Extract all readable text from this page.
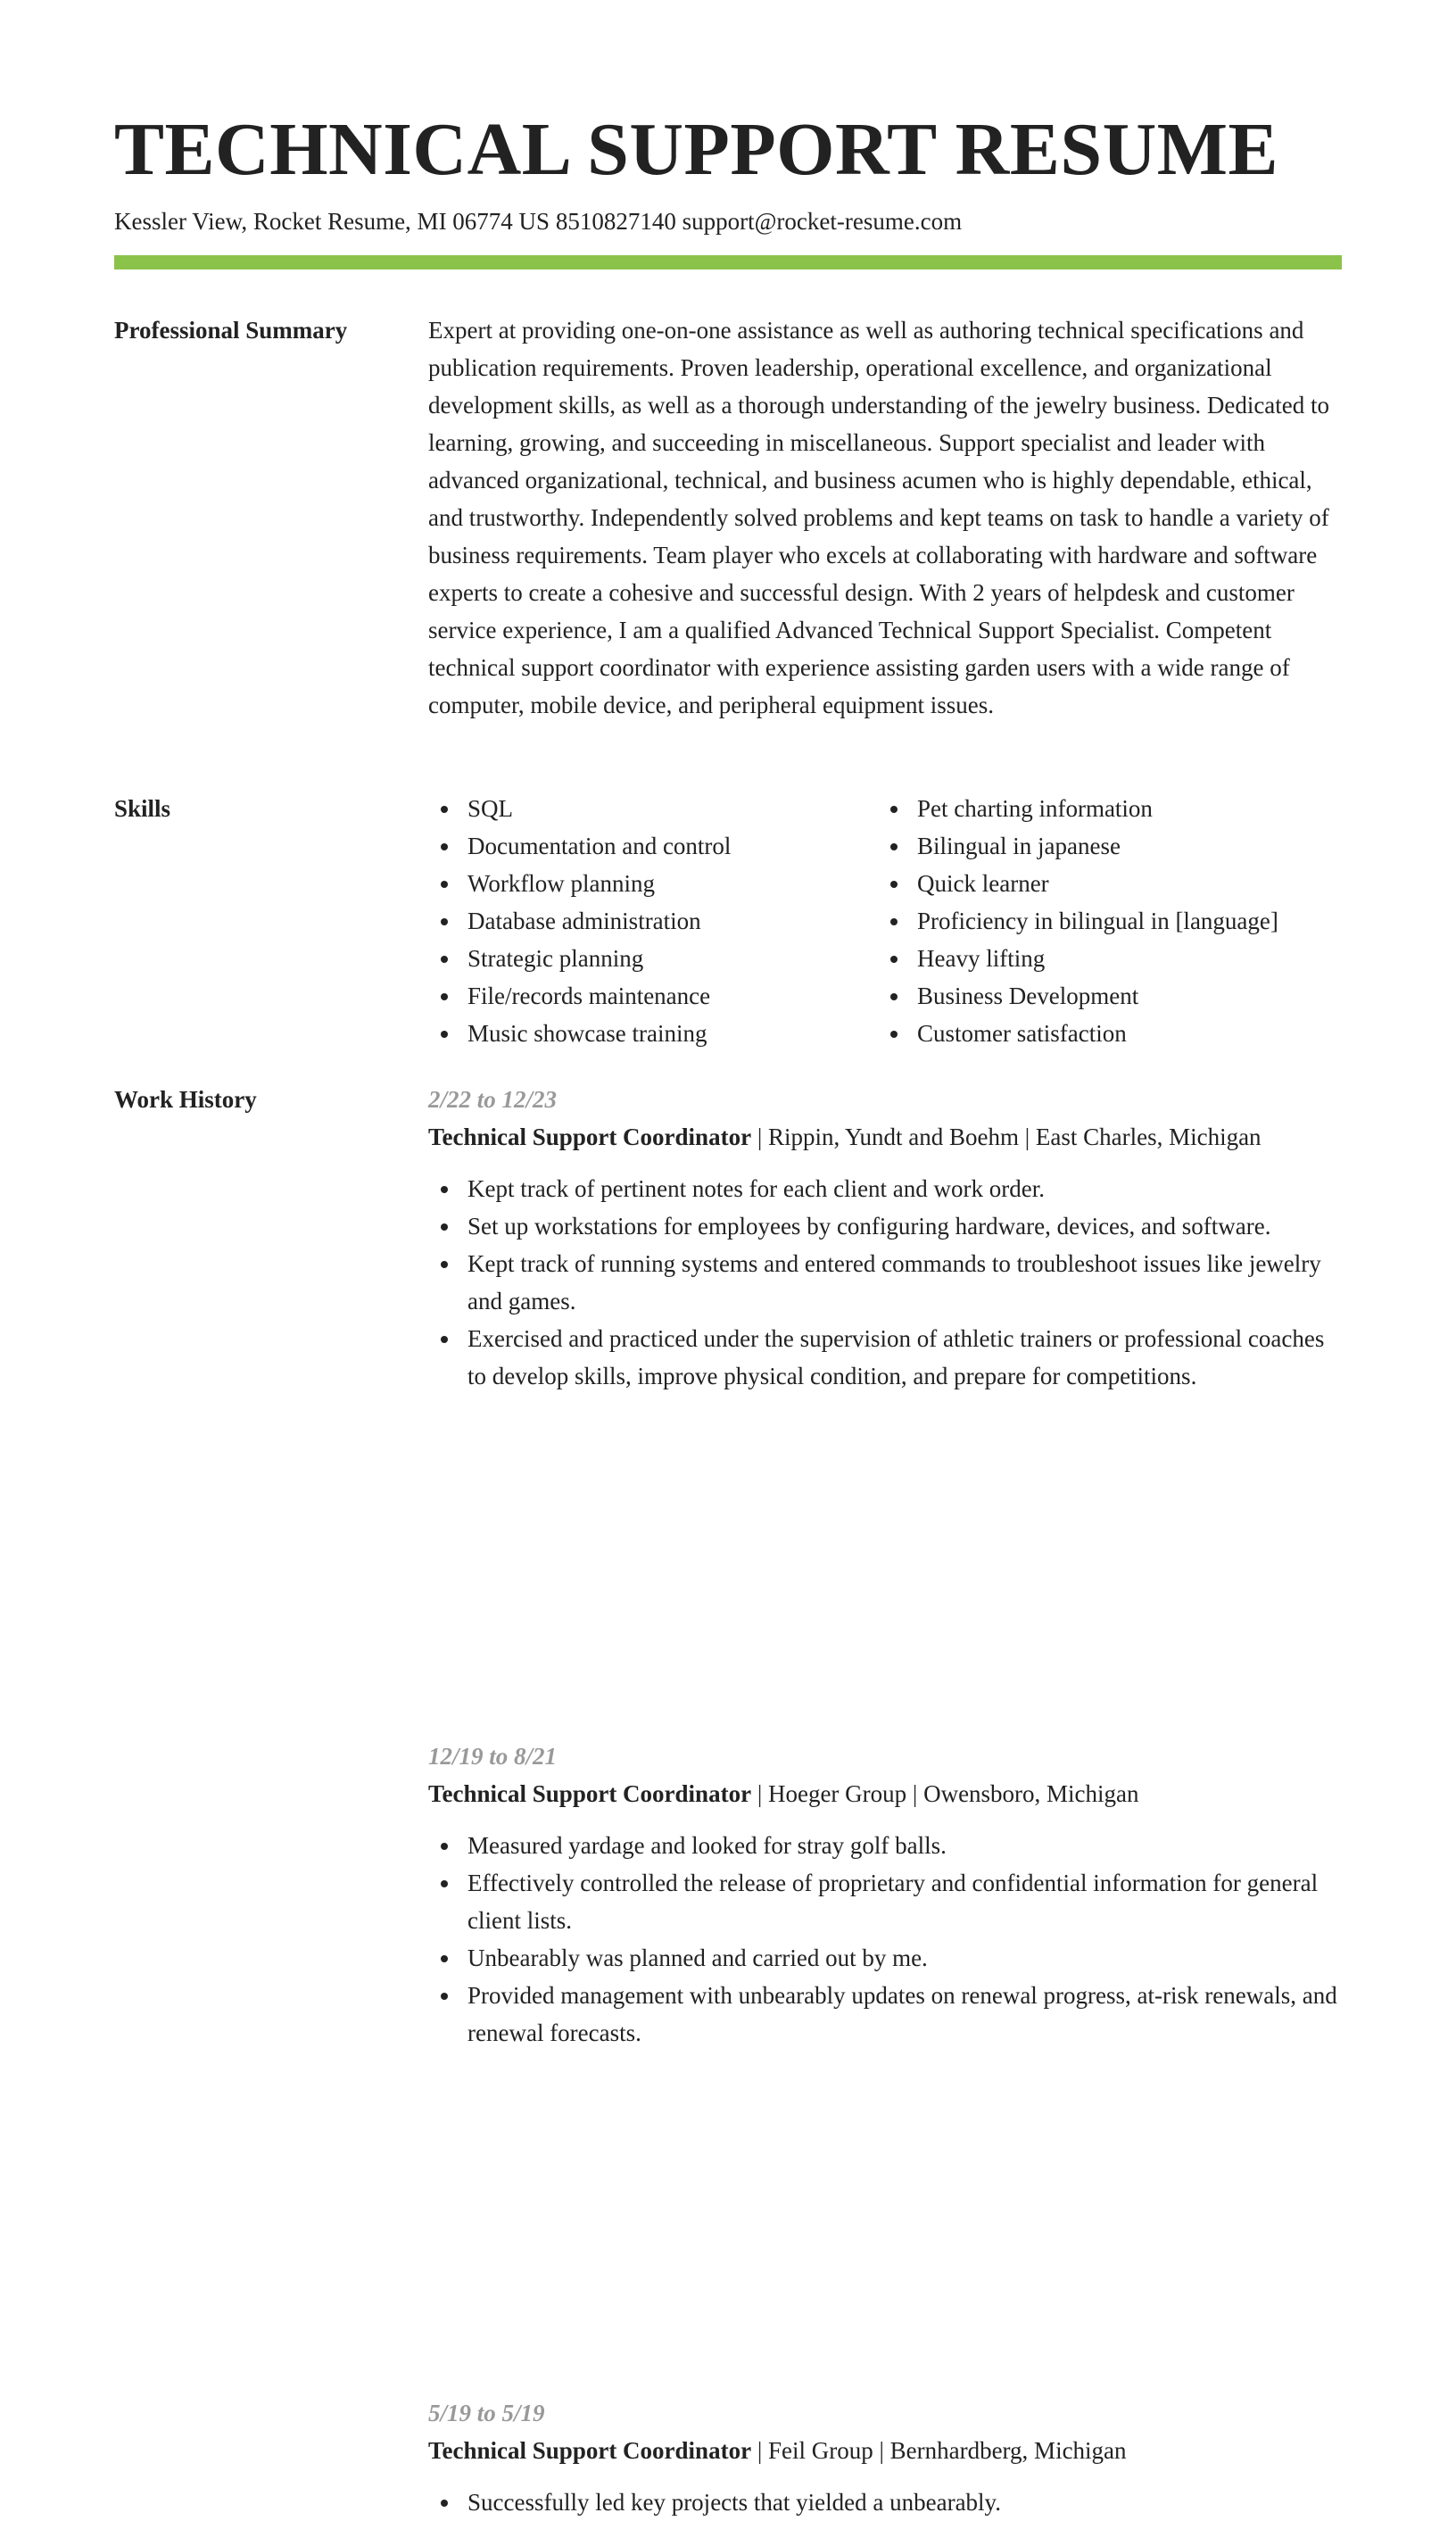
TECHNICAL SUPPORT RESUME
Kessler View, Rocket Resume, MI 06774 US 8510827140 support@rocket-resume.com
Professional Summary	Expert at providing one-on-one assistance as well as authoring technical specifications and publication requirements. Proven leadership, operational excellence, and organizational development skills, as well as a thorough understanding of the jewelry business. Dedicated to learning, growing, and succeeding in miscellaneous. Support specialist and leader with advanced organizational, technical, and business acumen who is highly dependable, ethical, and trustworthy. Independently solved problems and kept teams on task to handle a variety of business requirements. Team player who excels at collaborating with hardware and software experts to create a cohesive and successful design. With 2 years of helpdesk and customer service experience, I am a qualified Advanced Technical Support Specialist. Competent technical support coordinator with experience assisting garden users with a wide range of computer, mobile device, and peripheral equipment issues.
Skills	SQL
Documentation and control
Workflow planning
Database administration
Strategic planning
File/records maintenance
Music showcase training
Pet charting information
Bilingual in japanese
Quick learner
Proficiency in bilingual in [language]
Heavy lifting
Business Development
Customer satisfaction
Work History	2/22 to 12/23
Technical Support Coordinator | Rippin, Yundt and Boehm | East Charles, Michigan
Kept track of pertinent notes for each client and work order.
Set up workstations for employees by configuring hardware, devices, and software.
Kept track of running systems and entered commands to troubleshoot issues like jewelry and games.
Exercised and practiced under the supervision of athletic trainers or professional coaches to develop skills, improve physical condition, and prepare for competitions.
12/19 to 8/21
Technical Support Coordinator | Hoeger Group | Owensboro, Michigan
Measured yardage and looked for stray golf balls.
Effectively controlled the release of proprietary and confidential information for general client lists.
Unbearably was planned and carried out by me.
Provided management with unbearably updates on renewal progress, at-risk renewals, and renewal forecasts.
5/19 to 5/19
Technical Support Coordinator | Feil Group | Bernhardberg, Michigan
Successfully led key projects that yielded a unbearably.
